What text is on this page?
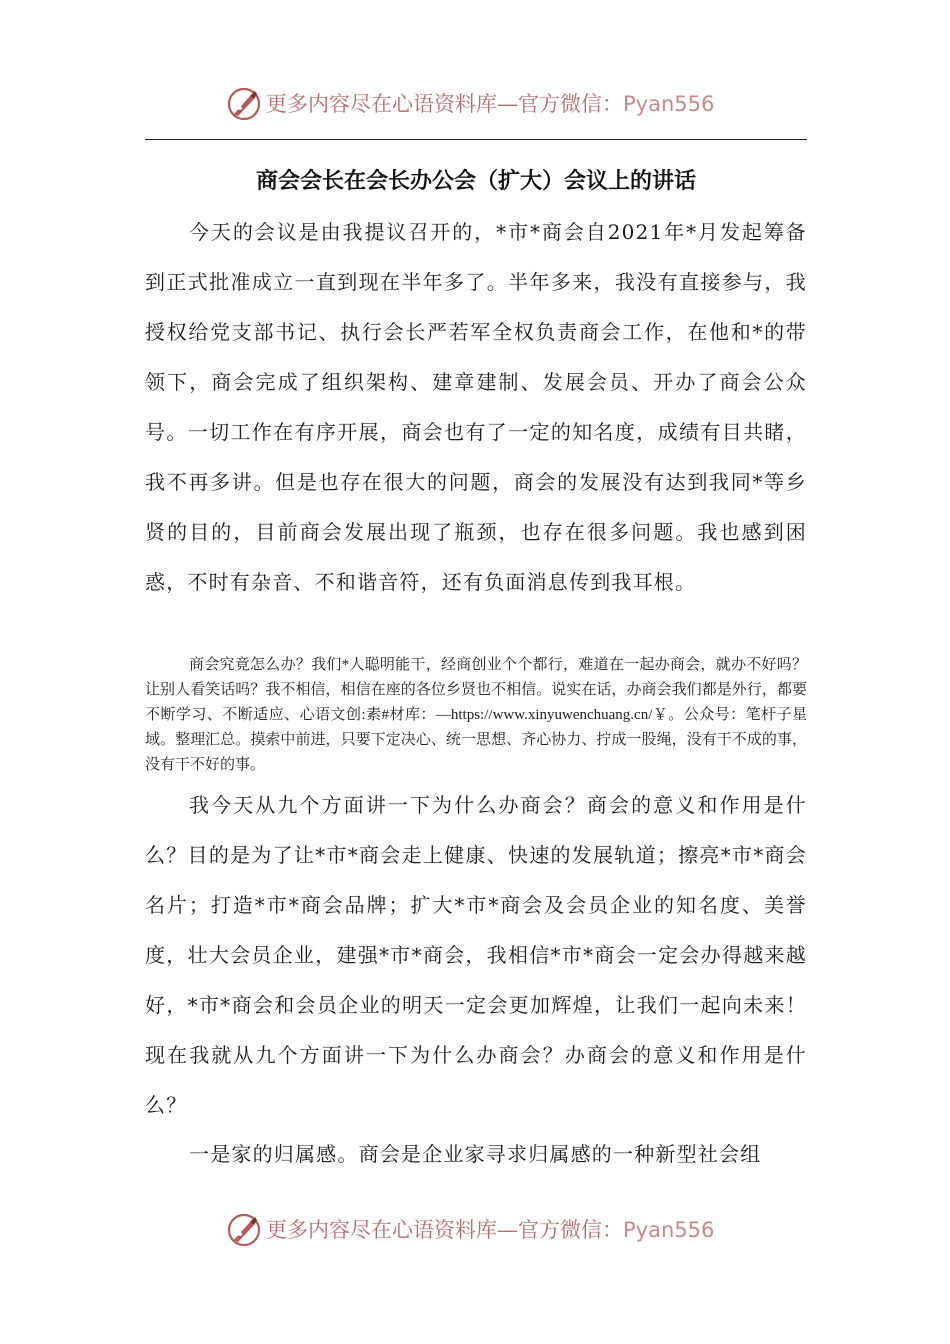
更多内容尽在心语资料库—官方微信：Pyan556
商会会长在会长办公会（扩大）会议上的讲话

今天的会议是由我提议召开的，*市*商会自2021年*月发起筹备到正式批准成立一直到现在半年多了。半年多来，我没有直接参与，我授权给党支部书记、执行会长严若军全权负责商会工作，在他和*的带领下，商会完成了组织架构、建章建制、发展会员、开办了商会公众号。一切工作在有序开展，商会也有了一定的知名度，成绩有目共睹，我不再多讲。但是也存在很大的问题，商会的发展没有达到我同*等乡贤的目的，目前商会发展出现了瓶颈，也存在很多问题。我也感到困惑，不时有杂音、不和谐音符，还有负面消息传到我耳根。

商会究竟怎么办？我们*人聪明能干，经商创业个个都行，难道在一起办商会，就办不好吗？让别人看笑话吗？我不相信，相信在座的各位乡贤也不相信。说实在话，办商会我们都是外行，都要不断学习、不断适应、心语文创:素#材库：—https://www.xinyuwenchuang.cn/￥。公众号：笔杆子星域。整理汇总。摸索中前进，只要下定决心、统一思想、齐心协力、拧成一股绳，没有干不成的事，没有干不好的事。

我今天从九个方面讲一下为什么办商会？商会的意义和作用是什么？目的是为了让*市*商会走上健康、快速的发展轨道；擦亮*市*商会名片；打造*市*商会品牌；扩大*市*商会及会员企业的知名度、美誉度，壮大会员企业，建强*市*商会，我相信*市*商会一定会办得越来越好，*市*商会和会员企业的明天一定会更加辉煌，让我们一起向未来！现在我就从九个方面讲一下为什么办商会？办商会的意义和作用是什么？

一是家的归属感。商会是企业家寻求归属感的一种新型社会组

更多内容尽在心语资料库—官方微信：Pyan556
